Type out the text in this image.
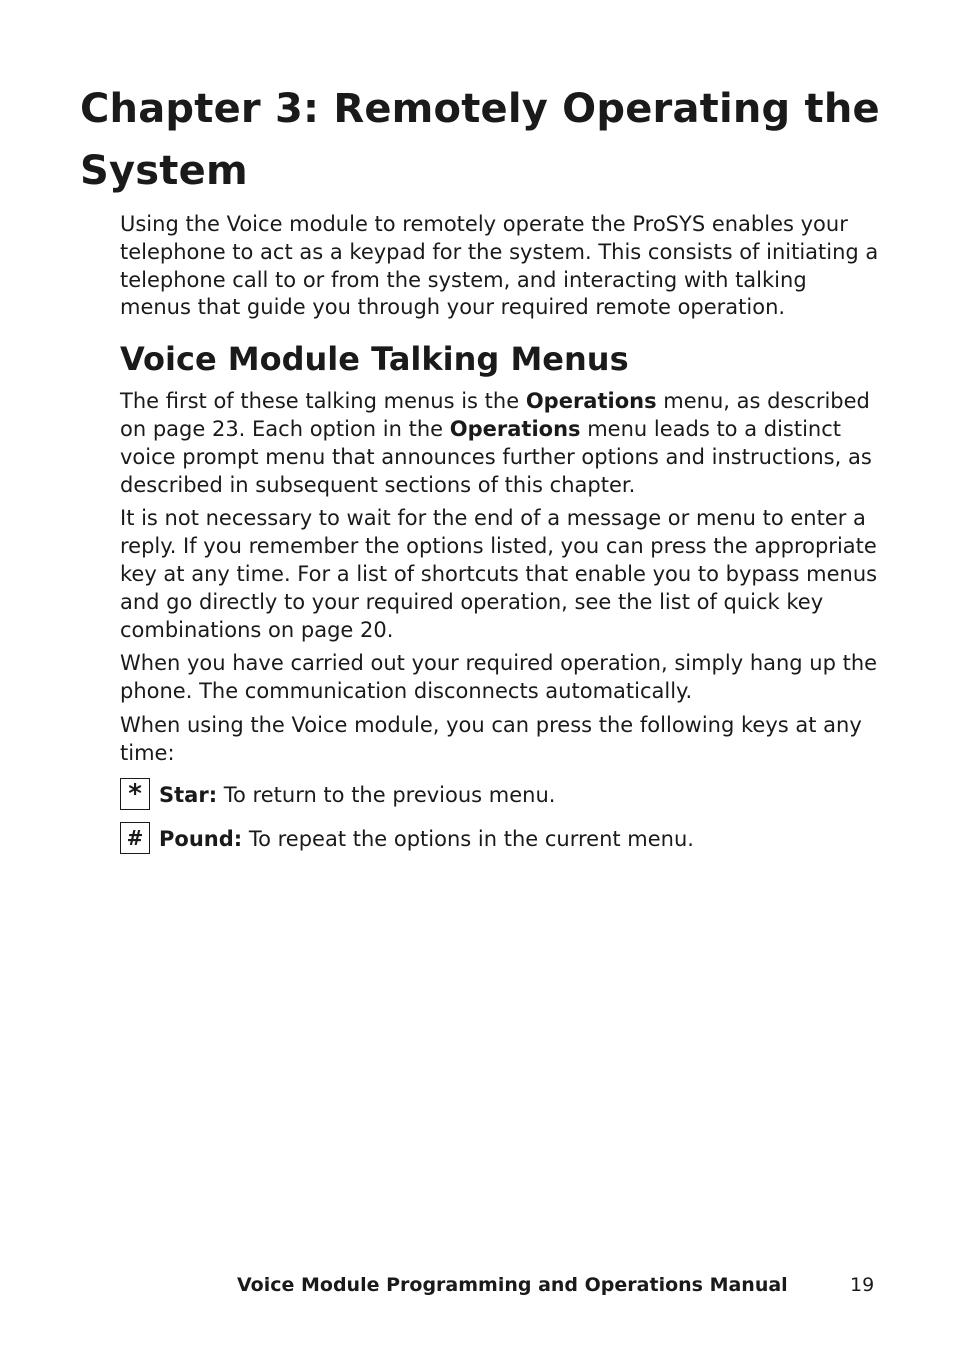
Chapter 3: Remotely Operating the System

Using the Voice module to remotely operate the ProSYS enables your telephone to act as a keypad for the system. This consists of initiating a telephone call to or from the system, and interacting with talking menus that guide you through your required remote operation.

Voice Module Talking Menus

The first of these talking menus is the Operations menu, as described on page 23. Each option in the Operations menu leads to a distinct voice prompt menu that announces further options and instructions, as described in subsequent sections of this chapter.

It is not necessary to wait for the end of a message or menu to enter a reply. If you remember the options listed, you can press the appropriate key at any time. For a list of shortcuts that enable you to bypass menus and go directly to your required operation, see the list of quick key combinations on page 20.

When you have carried out your required operation, simply hang up the phone. The communication disconnects automatically.

When using the Voice module, you can press the following keys at any time:

* Star: To return to the previous menu.
# Pound: To repeat the options in the current menu.
Voice Module Programming and Operations Manual	19
